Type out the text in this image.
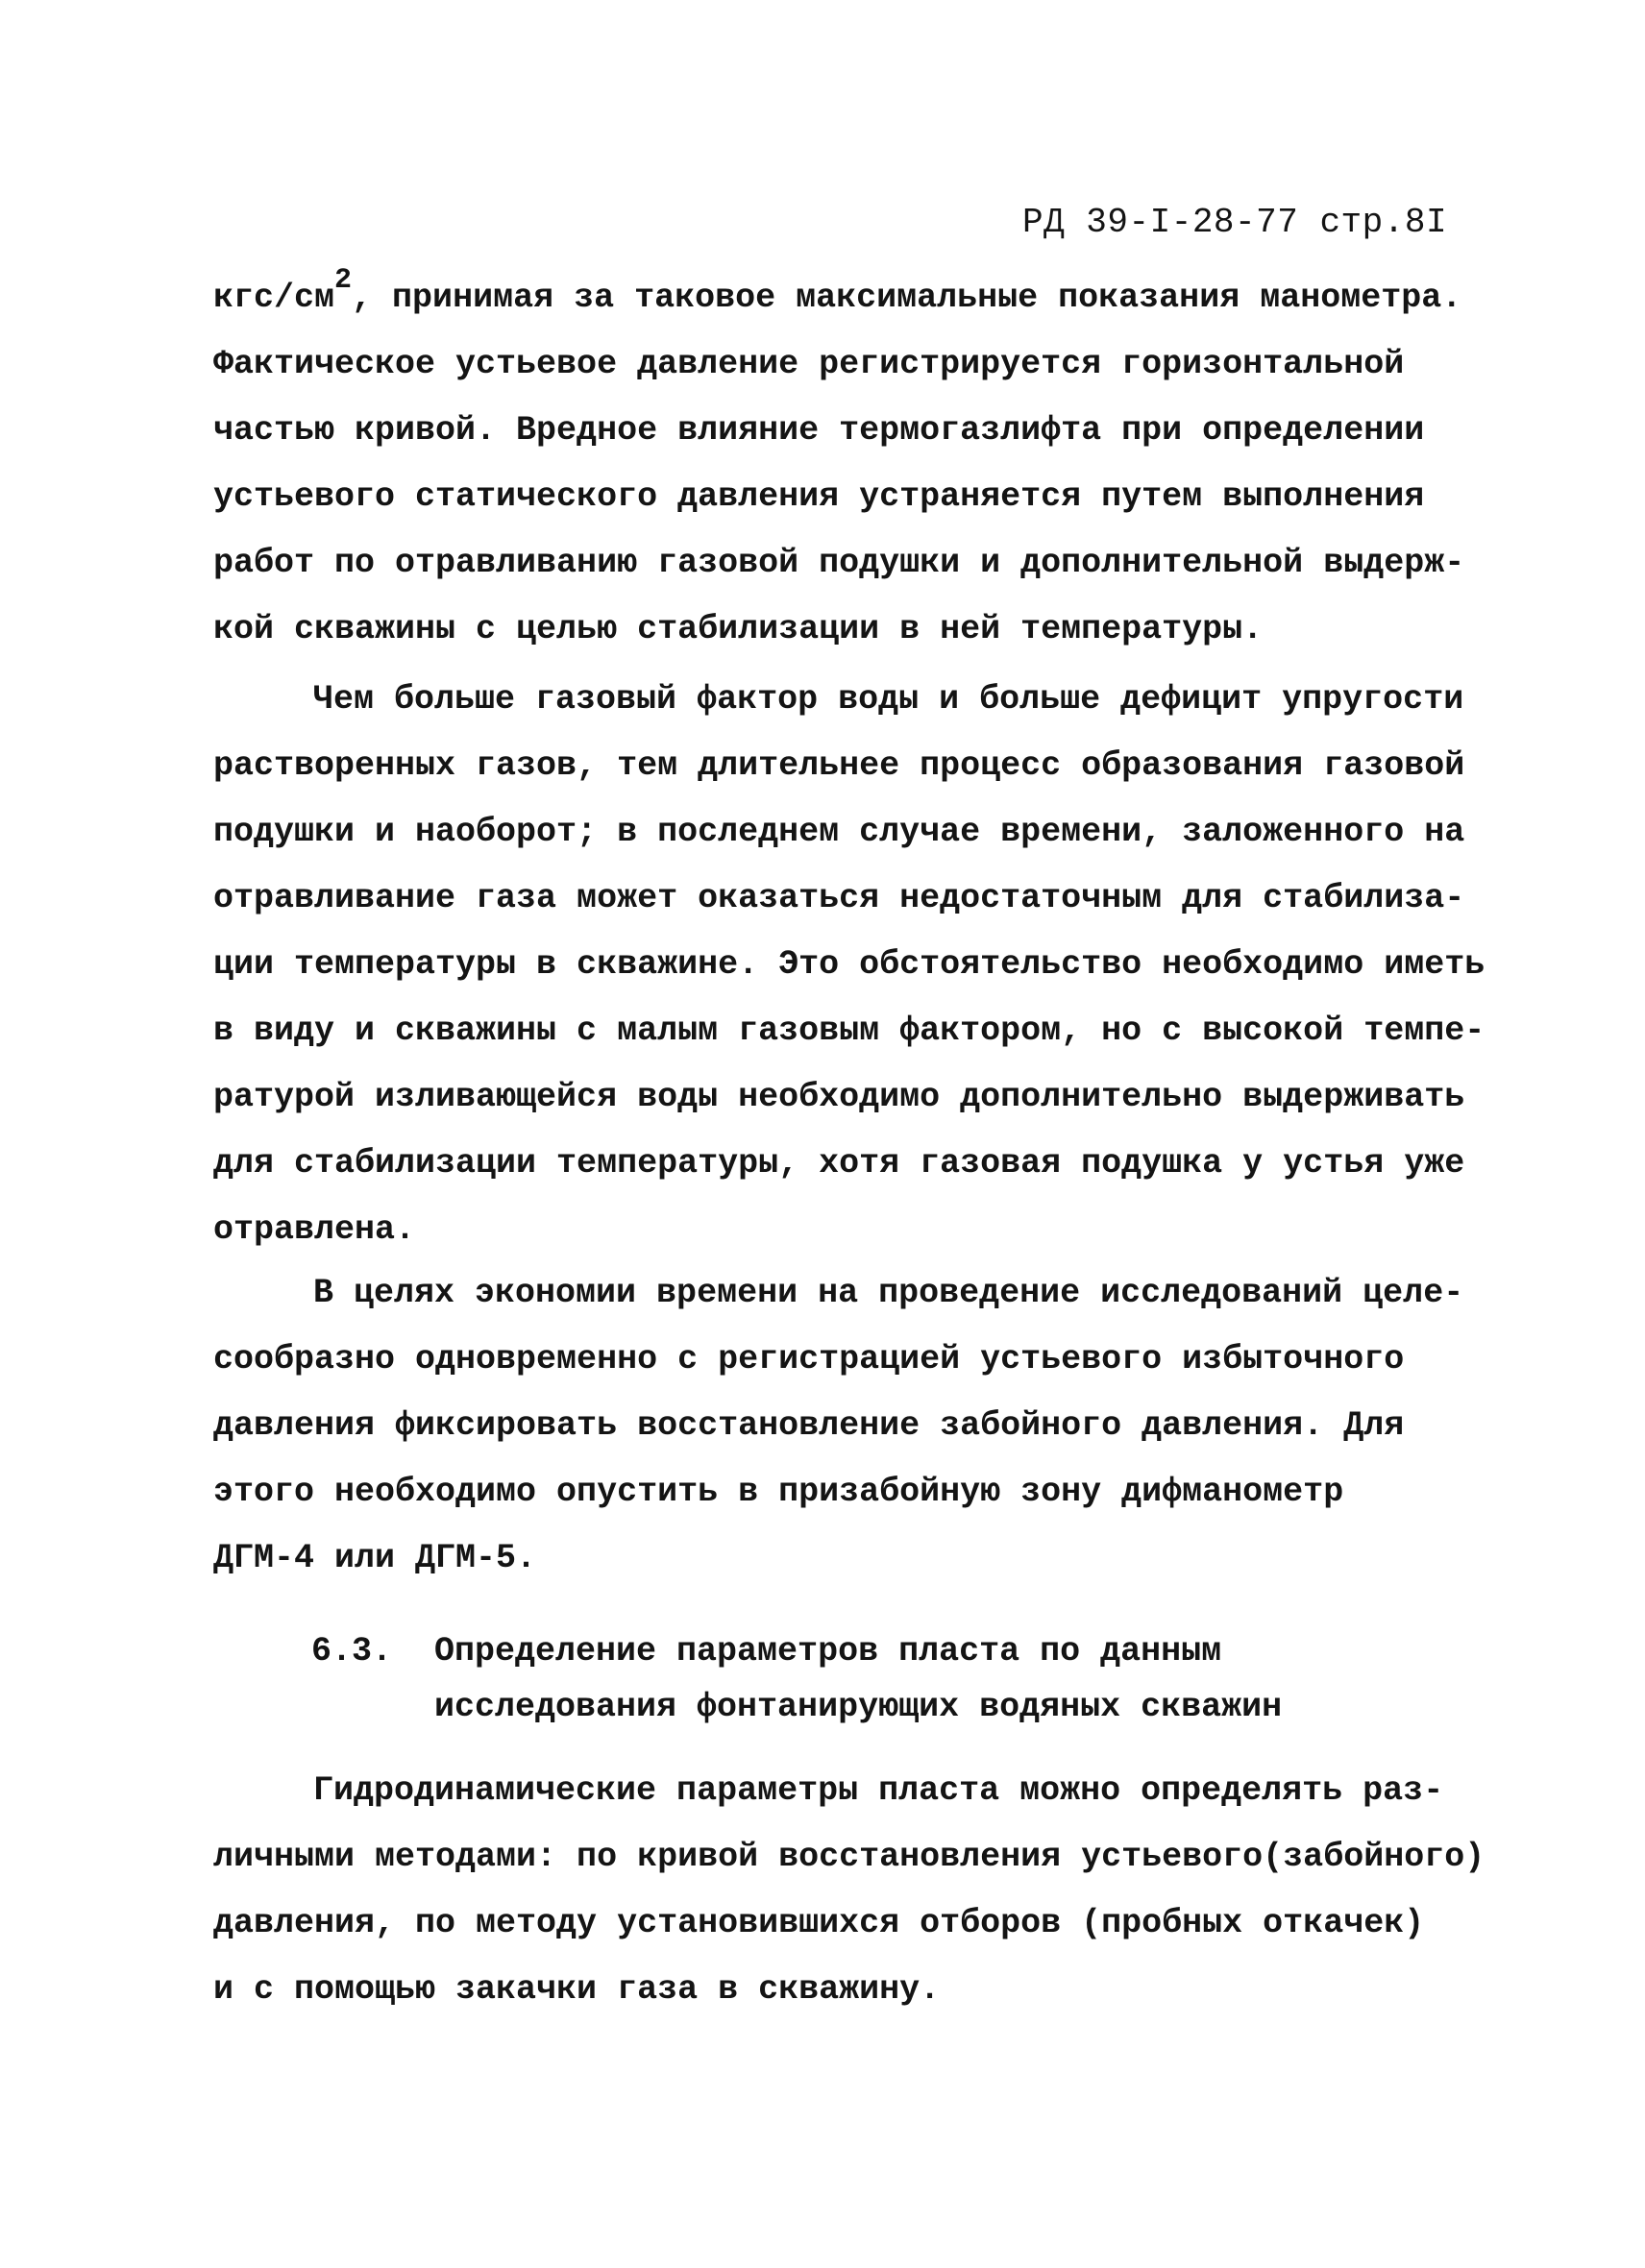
РД 39-I-28-77 стр.8I
кгс/см2, принимая за таковое максимальные показания манометра.
Фактическое устьевое давление регистрируется горизонтальной
частью кривой. Вредное влияние термогазлифта при определении
устьевого статического давления устраняется путем выполнения
работ по отравливанию газовой подушки и дополнительной выдерж-
кой скважины с целью стабилизации в ней температуры.
Чем больше газовый фактор воды и больше дефицит упругости
растворенных газов, тем длительнее процесс образования газовой
подушки и наоборот; в последнем случае времени, заложенного на
отравливание газа может оказаться недостаточным для стабилиза-
ции температуры в скважине. Это обстоятельство необходимо иметь
в виду и скважины с малым газовым фактором, но с высокой темпе-
ратурой изливающейся воды необходимо дополнительно выдерживать
для стабилизации температуры, хотя газовая подушка у устья уже
отравлена.
В целях экономии времени на проведение исследований целе-
сообразно одновременно с регистрацией устьевого избыточного
давления фиксировать восстановление забойного давления. Для
этого необходимо опустить в призабойную зону дифманометр
ДГМ-4 или ДГМ-5.
6.3. Определение параметров пласта по данным
исследования фонтанирующих водяных скважин
Гидродинамические параметры пласта можно определять раз-
личными методами: по кривой восстановления устьевого(забойного)
давления, по методу установившихся отборов (пробных откачек)
и с помощью закачки газа в скважину.
